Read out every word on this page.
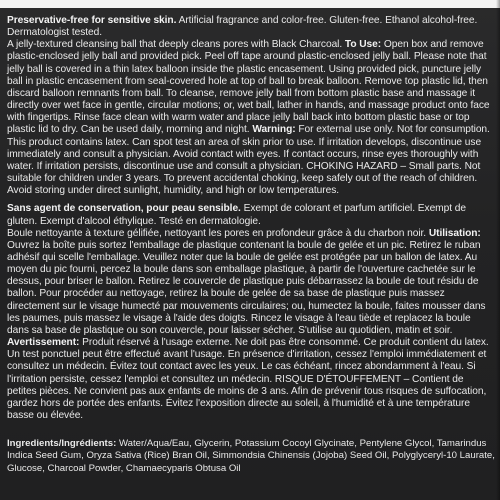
Preservative-free for sensitive skin. Artificial fragrance and color-free. Gluten-free. Ethanol alcohol-free. Dermatologist tested.
A jelly-textured cleansing ball that deeply cleans pores with Black Charcoal. To Use: Open box and remove plastic-enclosed jelly ball and provided pick. Peel off tape around plastic-enclosed jelly ball. Please note that jelly ball is covered in a thin latex balloon inside the plastic encasement. Using provided pick, puncture jelly ball in plastic encasement from seal-covered hole at top of ball to break balloon. Remove top plastic lid, then discard balloon remnants from ball. To cleanse, remove jelly ball from bottom plastic base and massage it directly over wet face in gentle, circular motions; or, wet ball, lather in hands, and massage product onto face with fingertips. Rinse face clean with warm water and place jelly ball back into bottom plastic base or top plastic lid to dry. Can be used daily, morning and night. Warning: For external use only. Not for consumption. This product contains latex. Can spot test an area of skin prior to use. If irritation develops, discontinue use immediately and consult a physician. Avoid contact with eyes. If contact occurs, rinse eyes thoroughly with water. If irritation persists, discontinue use and consult a physician. CHOKING HAZARD – Small parts. Not suitable for children under 3 years. To prevent accidental choking, keep safely out of the reach of children. Avoid storing under direct sunlight, humidity, and high or low temperatures.

Sans agent de conservation, pour peau sensible. Exempt de colorant et parfum artificiel. Exempt de gluten. Exempt d'alcool éthylique. Testé en dermatologie.
Boule nettoyante à texture gélifiée, nettoyant les pores en profondeur grâce à du charbon noir. Utilisation: Ouvrez la boîte puis sortez l'emballage de plastique contenant la boule de gelée et un pic. Retirez le ruban adhésif qui scelle l'emballage. Veuillez noter que la boule de gelée est protégée par un ballon de latex. Au moyen du pic fourni, percez la boule dans son emballage plastique, à partir de l'ouverture cachetée sur le dessus, pour briser le ballon. Retirez le couvercle de plastique puis débarrassez la boule de tout résidu de ballon. Pour procéder au nettoyage, retirez la boule de gelée de sa base de plastique puis massez directement sur le visage humecté par mouvements circulaires; ou, humectez la boule, faites mousser dans les paumes, puis massez le visage à l'aide des doigts. Rincez le visage à l'eau tiède et replacez la boule dans sa base de plastique ou son couvercle, pour laisser sécher. S'utilise au quotidien, matin et soir. Avertissement: Produit réservé à l'usage externe. Ne doit pas être consommé. Ce produit contient du latex. Un test ponctuel peut être effectué avant l'usage. En présence d'irritation, cessez l'emploi immédiatement et consultez un médecin. Évitez tout contact avec les yeux. Le cas échéant, rincez abondamment à l'eau. Si l'irritation persiste, cessez l'emploi et consultez un médecin. RISQUE D'ÉTOUFFEMENT – Contient de petites pièces. Ne convient pas aux enfants de moins de 3 ans. Afin de prévenir tous risques de suffocation, gardez hors de portée des enfants. Évitez l'exposition directe au soleil, à l'humidité et à une température basse ou élevée.

Ingredients/Ingrédients: Water/Aqua/Eau, Glycerin, Potassium Cocoyl Glycinate, Pentylene Glycol, Tamarindus Indica Seed Gum, Oryza Sativa (Rice) Bran Oil, Simmondsia Chinensis (Jojoba) Seed Oil, Polyglyceryl-10 Laurate, Glucose, Charcoal Powder, Chamaecyparis Obtusa Oil
